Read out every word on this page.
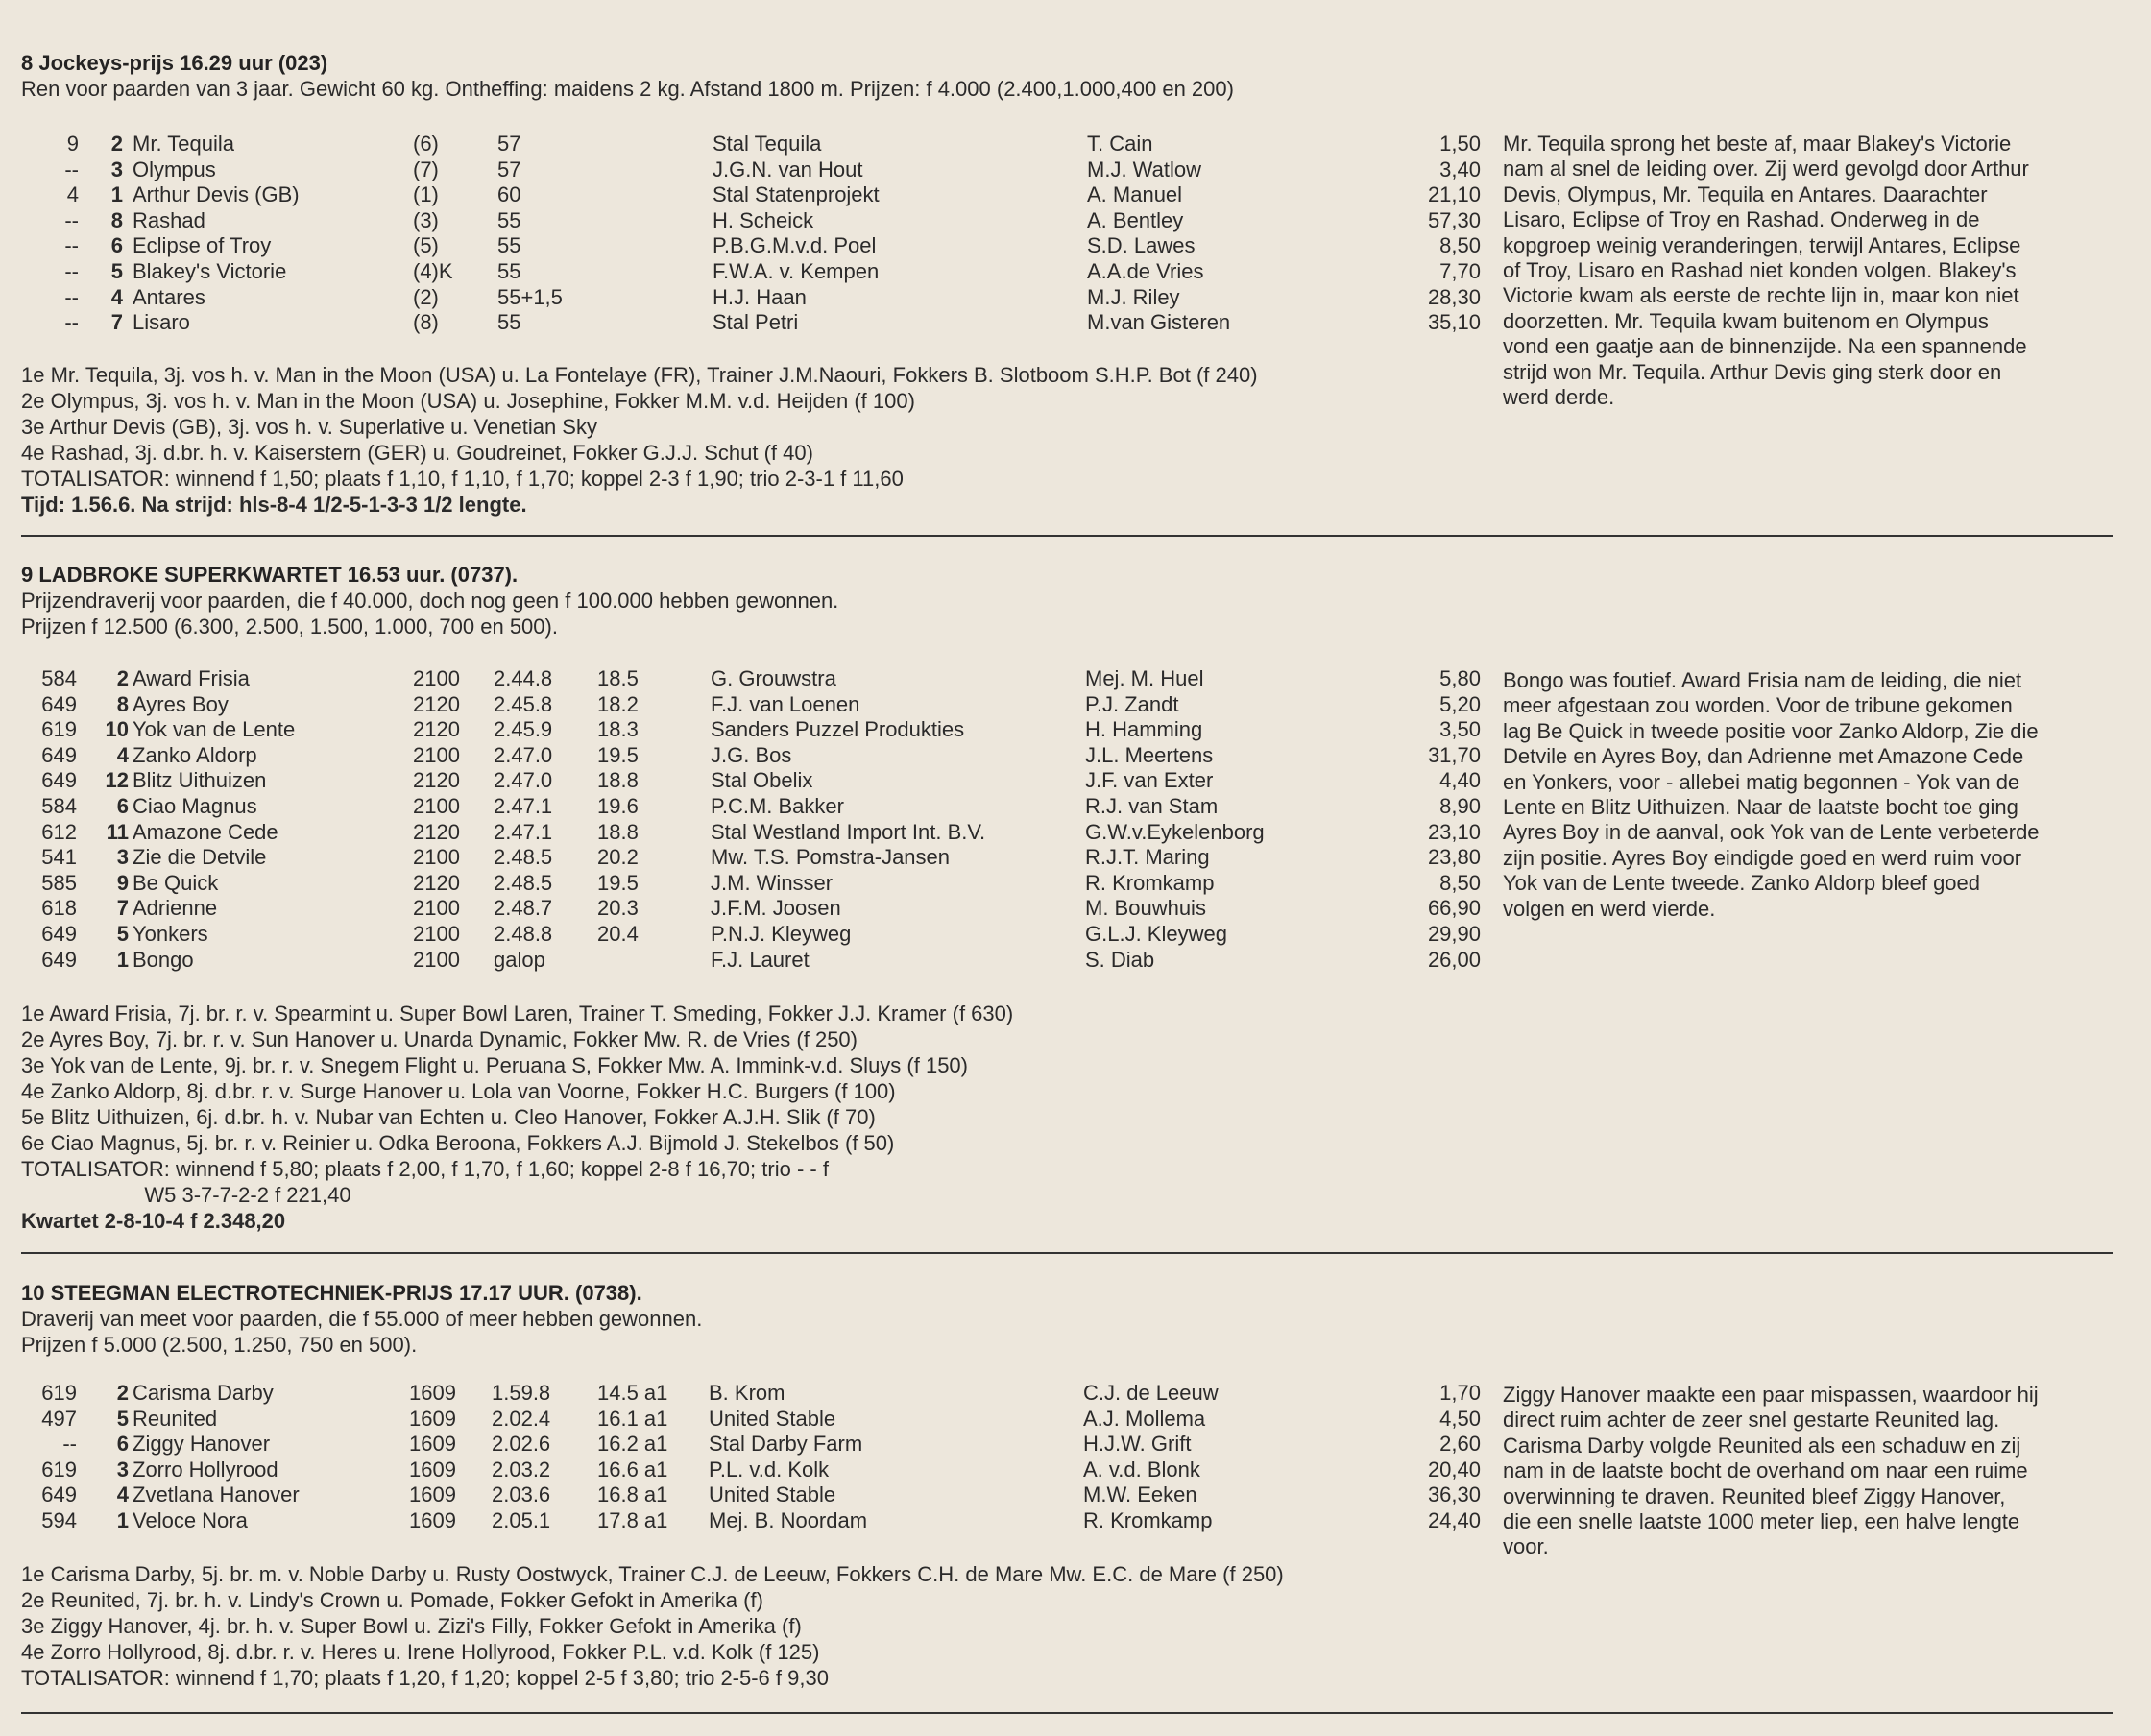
8 Jockeys-prijs 16.29 uur (023)
Ren voor paarden van 3 jaar. Gewicht 60 kg. Ontheffing: maidens 2 kg. Afstand 1800 m. Prijzen: f 4.000 (2.400,1.000,400 en 200)
9	2 Mr. Tequila	(6)	57	Stal Tequila	T. Cain	1,50
--	3 Olympus	(7)	57	J.G.N. van Hout	M.J. Watlow	3,40
4	1 Arthur Devis (GB)	(1)	60	Stal Statenprojekt	A. Manuel	21,10
--	8 Rashad	(3)	55	H. Scheick	A. Bentley	57,30
--	6 Eclipse of Troy	(5)	55	P.B.G.M.v.d. Poel	S.D. Lawes	8,50
--	5 Blakey's Victorie	(4)K	55	F.W.A. v. Kempen	A.A.de Vries	7,70
--	4 Antares	(2)	55+1,5	H.J. Haan	M.J. Riley	28,30
--	7 Lisaro	(8)	55	Stal Petri	M.van Gisteren	35,10
Mr. Tequila sprong het beste af, maar Blakey's Victorie
nam al snel de leiding over. Zij werd gevolgd door Arthur
Devis, Olympus, Mr. Tequila en Antares. Daarachter
Lisaro, Eclipse of Troy en Rashad. Onderweg in de
kopgroep weinig veranderingen, terwijl Antares, Eclipse
of Troy, Lisaro en Rashad niet konden volgen. Blakey's
Victorie kwam als eerste de rechte lijn in, maar kon niet
doorzetten. Mr. Tequila kwam buitenom en Olympus
vond een gaatje aan de binnenzijde. Na een spannende
strijd won Mr. Tequila. Arthur Devis ging sterk door en
werd derde.
1e Mr. Tequila, 3j. vos h. v. Man in the Moon (USA) u. La Fontelaye (FR), Trainer J.M.Naouri, Fokkers B. Slotboom S.H.P. Bot (f 240)
2e Olympus, 3j. vos h. v. Man in the Moon (USA) u. Josephine, Fokker M.M. v.d. Heijden (f 100)
3e Arthur Devis (GB), 3j. vos h. v. Superlative u. Venetian Sky
4e Rashad, 3j. d.br. h. v. Kaiserstern (GER) u. Goudreinet, Fokker G.J.J. Schut (f 40)
TOTALISATOR: winnend f 1,50; plaats f 1,10, f 1,10, f 1,70; koppel 2-3 f 1,90; trio 2-3-1 f 11,60
Tijd: 1.56.6. Na strijd: hls-8-4 1/2-5-1-3-3 1/2 lengte.
9 LADBROKE SUPERKWARTET 16.53 uur. (0737).
Prijzendraverij voor paarden, die f 40.000, doch nog geen f 100.000 hebben gewonnen.
Prijzen f 12.500 (6.300, 2.500, 1.500, 1.000, 700 en 500).
584	2 Award Frisia	2100	2.44.8	18.5	G. Grouwstra	Mej. M. Huel	5,80
649	8 Ayres Boy	2120	2.45.8	18.2	F.J. van Loenen	P.J. Zandt	5,20
619	10 Yok van de Lente	2120	2.45.9	18.3	Sanders Puzzel Produkties	H. Hamming	3,50
649	4 Zanko Aldorp	2100	2.47.0	19.5	J.G. Bos	J.L. Meertens	31,70
649	12 Blitz Uithuizen	2120	2.47.0	18.8	Stal Obelix	J.F. van Exter	4,40
584	6 Ciao Magnus	2100	2.47.1	19.6	P.C.M. Bakker	R.J. van Stam	8,90
612	11 Amazone Cede	2120	2.47.1	18.8	Stal Westland Import Int. B.V.	G.W.v.Eykelenborg	23,10
541	3 Zie die Detvile	2100	2.48.5	20.2	Mw. T.S. Pomstra-Jansen	R.J.T. Maring	23,80
585	9 Be Quick	2120	2.48.5	19.5	J.M. Winsser	R. Kromkamp	8,50
618	7 Adrienne	2100	2.48.7	20.3	J.F.M. Joosen	M. Bouwhuis	66,90
649	5 Yonkers	2100	2.48.8	20.4	P.N.J. Kleyweg	G.L.J. Kleyweg	29,90
649	1 Bongo	2100	galop	F.J. Lauret	S. Diab	26,00
Bongo was foutief. Award Frisia nam de leiding, die niet
meer afgestaan zou worden. Voor de tribune gekomen
lag Be Quick in tweede positie voor Zanko Aldorp, Zie die
Detvile en Ayres Boy, dan Adrienne met Amazone Cede
en Yonkers, voor - allebei matig begonnen - Yok van de
Lente en Blitz Uithuizen. Naar de laatste bocht toe ging
Ayres Boy in de aanval, ook Yok van de Lente verbeterde
zijn positie. Ayres Boy eindigde goed en werd ruim voor
Yok van de Lente tweede. Zanko Aldorp bleef goed
volgen en werd vierde.
1e Award Frisia, 7j. br. r. v. Spearmint u. Super Bowl Laren, Trainer T. Smeding, Fokker J.J. Kramer (f 630)
2e Ayres Boy, 7j. br. r. v. Sun Hanover u. Unarda Dynamic, Fokker Mw. R. de Vries (f 250)
3e Yok van de Lente, 9j. br. r. v. Snegem Flight u. Peruana S, Fokker Mw. A. Immink-v.d. Sluys (f 150)
4e Zanko Aldorp, 8j. d.br. r. v. Surge Hanover u. Lola van Voorne, Fokker H.C. Burgers (f 100)
5e Blitz Uithuizen, 6j. d.br. h. v. Nubar van Echten u. Cleo Hanover, Fokker A.J.H. Slik (f 70)
6e Ciao Magnus, 5j. br. r. v. Reinier u. Odka Beroona, Fokkers A.J. Bijmold J. Stekelbos (f 50)
TOTALISATOR: winnend f 5,80; plaats f 2,00, f 1,70, f 1,60; koppel 2-8 f 16,70; trio - - f
W5 3-7-7-2-2 f 221,40
Kwartet 2-8-10-4 f 2.348,20
10 STEEGMAN ELECTROTECHNIEK-PRIJS 17.17 UUR. (0738).
Draverij van meet voor paarden, die f 55.000 of meer hebben gewonnen.
Prijzen f 5.000 (2.500, 1.250, 750 en 500).
619	2 Carisma Darby	1609	1.59.8	14.5 a1	B. Krom	C.J. de Leeuw	1,70
497	5 Reunited	1609	2.02.4	16.1 a1	United Stable	A.J. Mollema	4,50
--	6 Ziggy Hanover	1609	2.02.6	16.2 a1	Stal Darby Farm	H.J.W. Grift	2,60
619	3 Zorro Hollyrood	1609	2.03.2	16.6 a1	P.L. v.d. Kolk	A. v.d. Blonk	20,40
649	4 Zvetlana Hanover	1609	2.03.6	16.8 a1	United Stable	M.W. Eeken	36,30
594	1 Veloce Nora	1609	2.05.1	17.8 a1	Mej. B. Noordam	R. Kromkamp	24,40
Ziggy Hanover maakte een paar mispassen, waardoor hij
direct ruim achter de zeer snel gestarte Reunited lag.
Carisma Darby volgde Reunited als een schaduw en zij
nam in de laatste bocht de overhand om naar een ruime
overwinning te draven. Reunited bleef Ziggy Hanover,
die een snelle laatste 1000 meter liep, een halve lengte
voor.
1e Carisma Darby, 5j. br. m. v. Noble Darby u. Rusty Oostwyck, Trainer C.J. de Leeuw, Fokkers C.H. de Mare Mw. E.C. de Mare (f 250)
2e Reunited, 7j. br. h. v. Lindy's Crown u. Pomade, Fokker Gefokt in Amerika (f)
3e Ziggy Hanover, 4j. br. h. v. Super Bowl u. Zizi's Filly, Fokker Gefokt in Amerika (f)
4e Zorro Hollyrood, 8j. d.br. r. v. Heres u. Irene Hollyrood, Fokker P.L. v.d. Kolk (f 125)
TOTALISATOR: winnend f 1,70; plaats f 1,20, f 1,20; koppel 2-5 f 3,80; trio 2-5-6 f 9,30
